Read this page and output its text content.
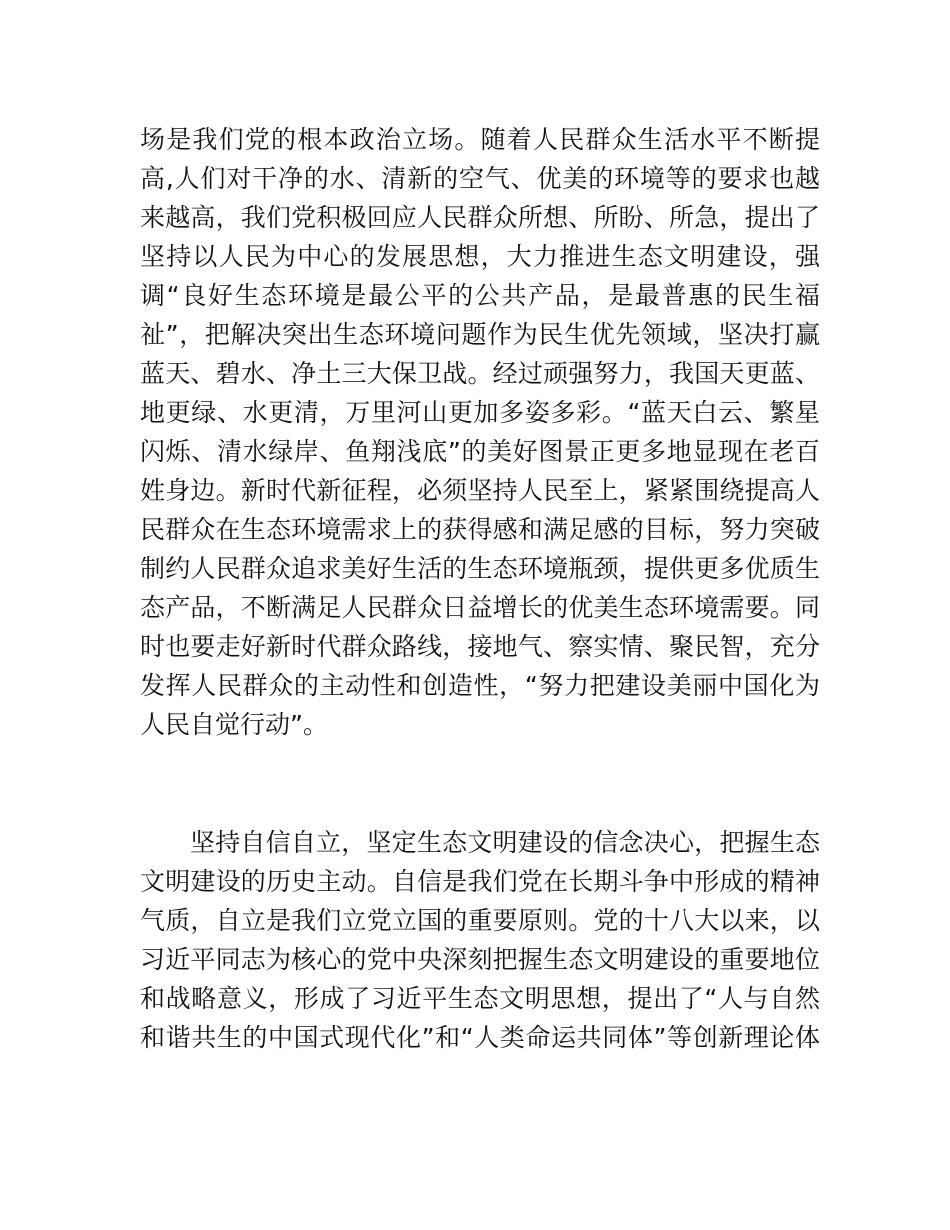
场是我们党的根本政治立场。随着人民群众生活水平不断提
高,人们对干净的水、清新的空气、优美的环境等的要求也越
来越高，我们党积极回应人民群众所想、所盼、所急，提出了
坚持以人民为中心的发展思想，大力推进生态文明建设，强
调“良好生态环境是最公平的公共产品，是最普惠的民生福
祉”，把解决突出生态环境问题作为民生优先领域，坚决打赢
蓝天、碧水、净土三大保卫战。经过顽强努力，我国天更蓝、
地更绿、水更清，万里河山更加多姿多彩。“蓝天白云、繁星
闪烁、清水绿岸、鱼翔浅底”的美好图景正更多地显现在老百
姓身边。新时代新征程，必须坚持人民至上，紧紧围绕提高人
民群众在生态环境需求上的获得感和满足感的目标，努力突破
制约人民群众追求美好生活的生态环境瓶颈，提供更多优质生
态产品，不断满足人民群众日益增长的优美生态环境需要。同
时也要走好新时代群众路线，接地气、察实情、聚民智，充分
发挥人民群众的主动性和创造性，“努力把建设美丽中国化为
人民自觉行动”。
坚持自信自立，坚定生态文明建设的信念决心，把握生态
文明建设的历史主动。自信是我们党在长期斗争中形成的精神
气质，自立是我们立党立国的重要原则。党的十八大以来，以
习近平同志为核心的党中央深刻把握生态文明建设的重要地位
和战略意义，形成了习近平生态文明思想，提出了“人与自然
和谐共生的中国式现代化”和“人类命运共同体”等创新理论体
